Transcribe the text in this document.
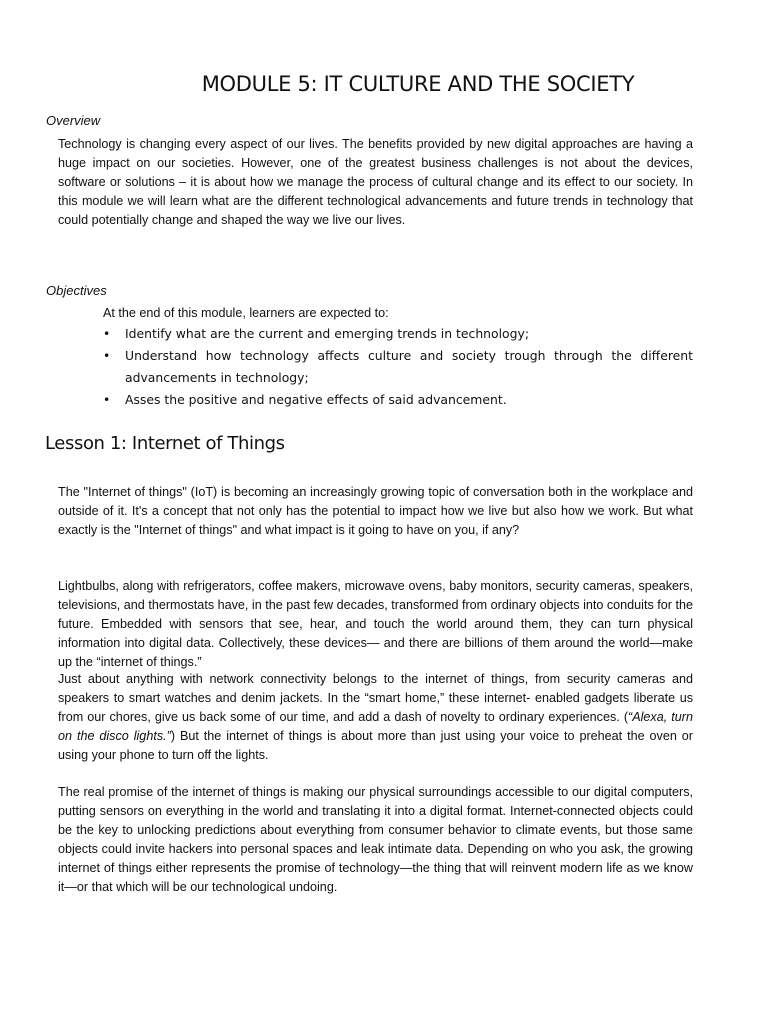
MODULE 5: IT CULTURE AND THE SOCIETY
Overview

Technology is changing every aspect of our lives. The benefits provided by new digital approaches are having a huge impact on our societies. However, one of the greatest business challenges is not about the devices, software or solutions – it is about how we manage the process of cultural change and its effect to our society. In this module we will learn what are the different technological advancements and future trends in technology that could potentially change and shaped the way we live our lives.

Objectives
At the end of this module, learners are expected to:
• Identify what are the current and emerging trends in technology;
• Understand how technology affects culture and society trough through the different advancements in technology;
• Asses the positive and negative effects of said advancement.
Lesson 1: Internet of Things

The "Internet of things" (IoT) is becoming an increasingly growing topic of conversation both in the workplace and outside of it. It's a concept that not only has the potential to impact how we live but also how we work. But what exactly is the "Internet of things" and what impact is it going to have on you, if any?

Lightbulbs, along with refrigerators, coffee makers, microwave ovens, baby monitors, security cameras, speakers, televisions, and thermostats have, in the past few decades, transformed from ordinary objects into conduits for the future. Embedded with sensors that see, hear, and touch the world around them, they can turn physical information into digital data. Collectively, these devices— and there are billions of them around the world—make up the “internet of things.”

Just about anything with network connectivity belongs to the internet of things, from security cameras and speakers to smart watches and denim jackets. In the “smart home,” these internet- enabled gadgets liberate us from our chores, give us back some of our time, and add a dash of novelty to ordinary experiences. (“Alexa, turn on the disco lights.”) But the internet of things is about more than just using your voice to preheat the oven or using your phone to turn off the lights.

The real promise of the internet of things is making our physical surroundings accessible to our digital computers, putting sensors on everything in the world and translating it into a digital format. Internet-connected objects could be the key to unlocking predictions about everything from consumer behavior to climate events, but those same objects could invite hackers into personal spaces and leak intimate data. Depending on who you ask, the growing internet of things either represents the promise of technology—the thing that will reinvent modern life as we know it—or that which will be our technological undoing.
